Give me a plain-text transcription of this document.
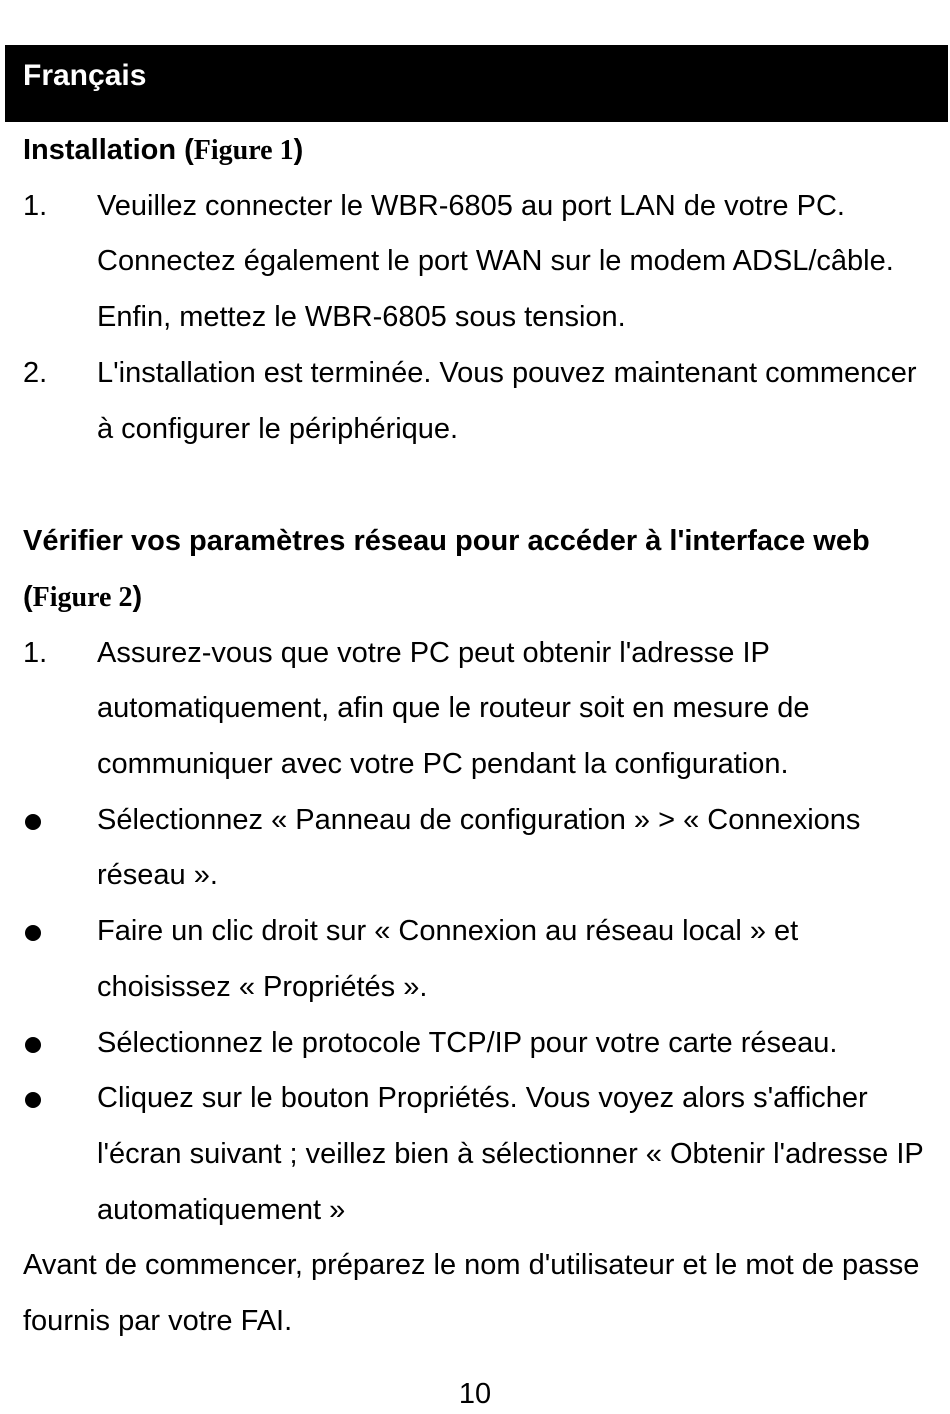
Français

Installation (Figure 1)

1.	Veuillez connecter le WBR-6805 au port LAN de votre PC. Connectez également le port WAN sur le modem ADSL/câble. Enfin, mettez le WBR-6805 sous tension.
2.	L'installation est terminée. Vous pouvez maintenant commencer à configurer le périphérique.

Vérifier vos paramètres réseau pour accéder à l'interface web (Figure 2)

1.	Assurez-vous que votre PC peut obtenir l'adresse IP automatiquement, afin que le routeur soit en mesure de communiquer avec votre PC pendant la configuration.
Sélectionnez « Panneau de configuration » > « Connexions réseau ».
Faire un clic droit sur « Connexion au réseau local » et choisissez « Propriétés ».
Sélectionnez le protocole TCP/IP pour votre carte réseau.
Cliquez sur le bouton Propriétés. Vous voyez alors s'afficher l'écran suivant ; veillez bien à sélectionner « Obtenir l'adresse IP automatiquement »

Avant de commencer, préparez le nom d'utilisateur et le mot de passe fournis par votre FAI.

10
